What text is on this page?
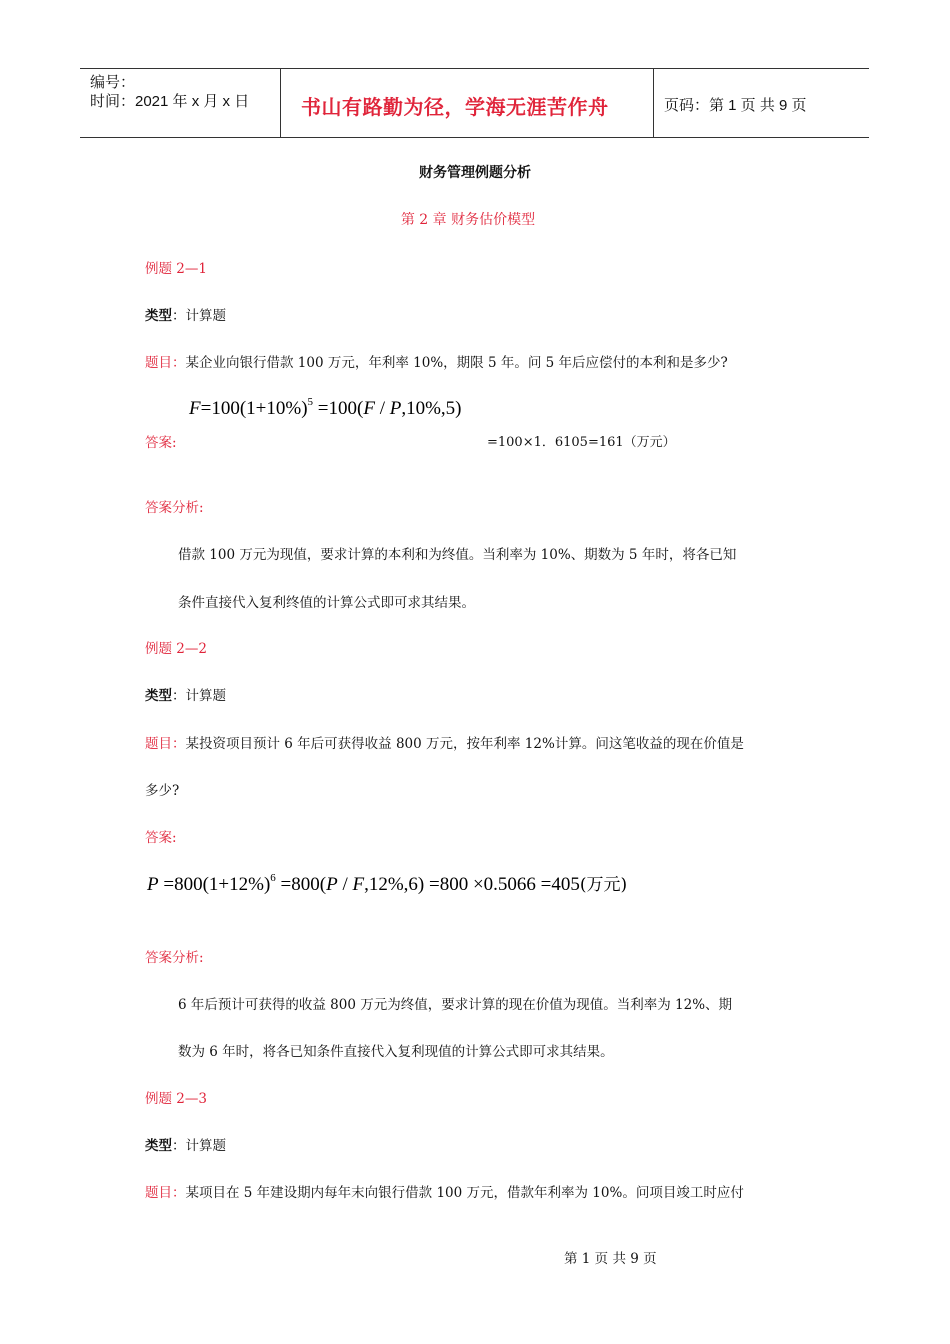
编号：
时间：2021 年 x 月 x 日	书山有路勤为径，学海无涯苦作舟	页码：第 1 页 共 9 页
财务管理例题分析
第 2 章 财务估价模型
例题 2—1
类型：计算题
题目：某企业向银行借款 100 万元，年利率 10%，期限 5 年。问 5 年后应偿付的本利和是多少?
$F=100(1+10\%)^5 =100(F / P,10\%,5)$
答案:	=100×1．6105=161（万元）
答案分析:
借款 100 万元为现值，要求计算的本利和为终值。当利率为 10%、期数为 5 年时，将各已知
条件直接代入复利终值的计算公式即可求其结果。
例题 2—2
类型：计算题
题目：某投资项目预计 6 年后可获得收益 800 万元，按年利率 12%计算。问这笔收益的现在价值是
多少?
答案:
$P =800(1+12\%)^6 =800(P / F,12\%,6) =800 \times 0.5066 =405$(万元)
答案分析:
6 年后预计可获得的收益 800 万元为终值，要求计算的现在价值为现值。当利率为 12%、期
数为 6 年时，将各已知条件直接代入复利现值的计算公式即可求其结果。
例题 2—3
类型：计算题
题目：某项目在 5 年建设期内每年末向银行借款 100 万元，借款年利率为 10%。问项目竣工时应付
第 1 页 共 9 页
